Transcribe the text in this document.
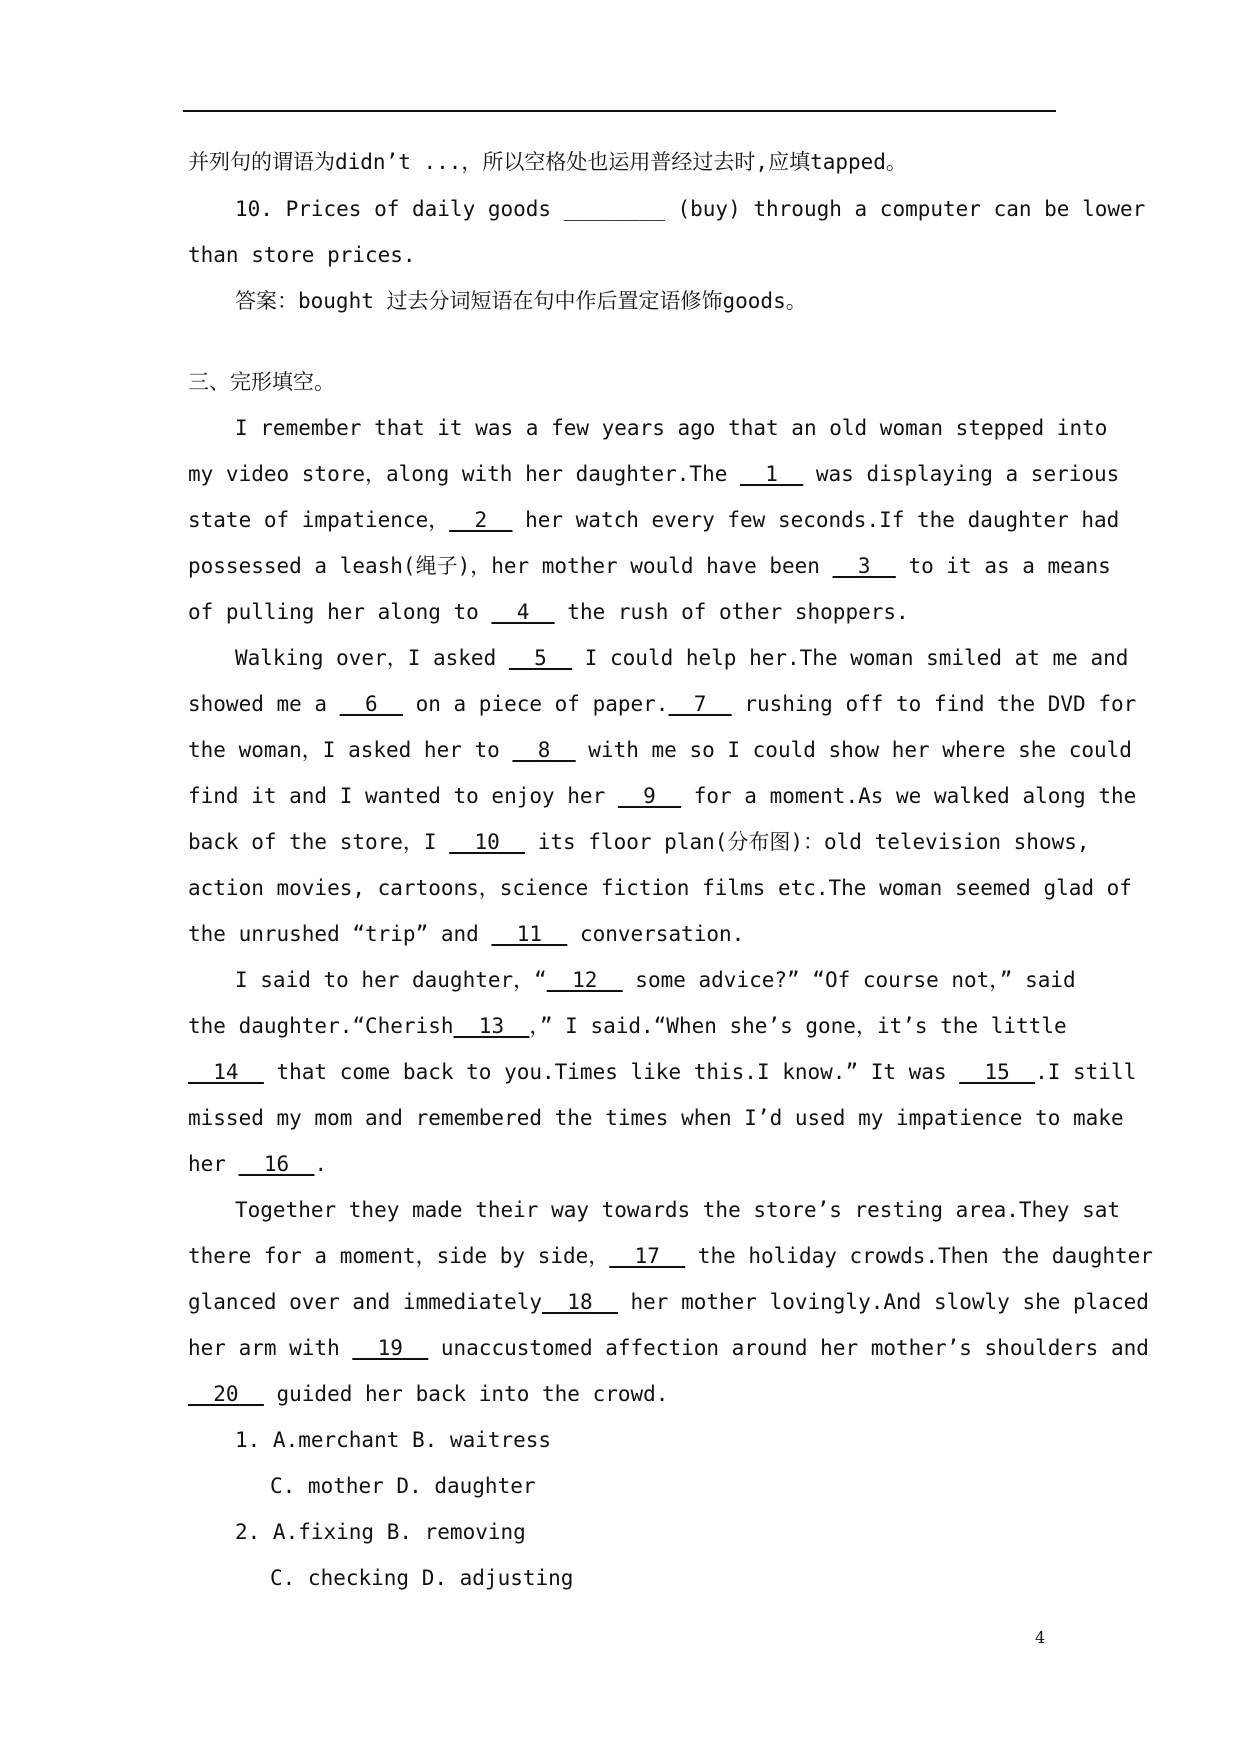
并列句的谓语为didn’t ...，所以空格处也运用普经过去时,应填tapped。
10. Prices of daily goods ________ (buy) through a computer can be lower
than store prices.
答案：bought 过去分词短语在句中作后置定语修饰goods。
三、完形填空。
I remember that it was a few years ago that an old woman stepped into
my video store，along with her daughter.The __1__ was displaying a serious
state of impatience，__2__ her watch every few seconds.If the daughter had
possessed a leash(绳子)，her mother would have been __3__ to it as a means
of pulling her along to __4__ the rush of other shoppers.
Walking over，I asked __5__ I could help her.The woman smiled at me and
showed me a __6__ on a piece of paper.__7__ rushing off to find the DVD for
the woman，I asked her to __8__ with me so I could show her where she could
find it and I wanted to enjoy her __9__ for a moment.As we walked along the
back of the store，I __10__ its floor plan(分布图)：old television shows,
action movies, cartoons，science fiction films etc.The woman seemed glad of
the unrushed “trip” and __11__ conversation.
I said to her daughter，“__12__ some advice?” “Of course not，” said
the daughter.“Cherish__13__，” I said.“When she’s gone，it’s the little
__14__ that come back to you.Times like this.I know.” It was __15__.I still
missed my mom and remembered the times when I’d used my impatience to make
her __16__.
Together they made their way towards the store’s resting area.They sat
there for a moment，side by side，__17__ the holiday crowds.Then the daughter
glanced over and immediately__18__ her mother lovingly.And slowly she placed
her arm with __19__ unaccustomed affection around her mother’s shoulders and
__20__ guided her back into the crowd.
1. A.merchant B. waitress
C. mother D. daughter
2. A.fixing B. removing
C. checking D. adjusting
4
